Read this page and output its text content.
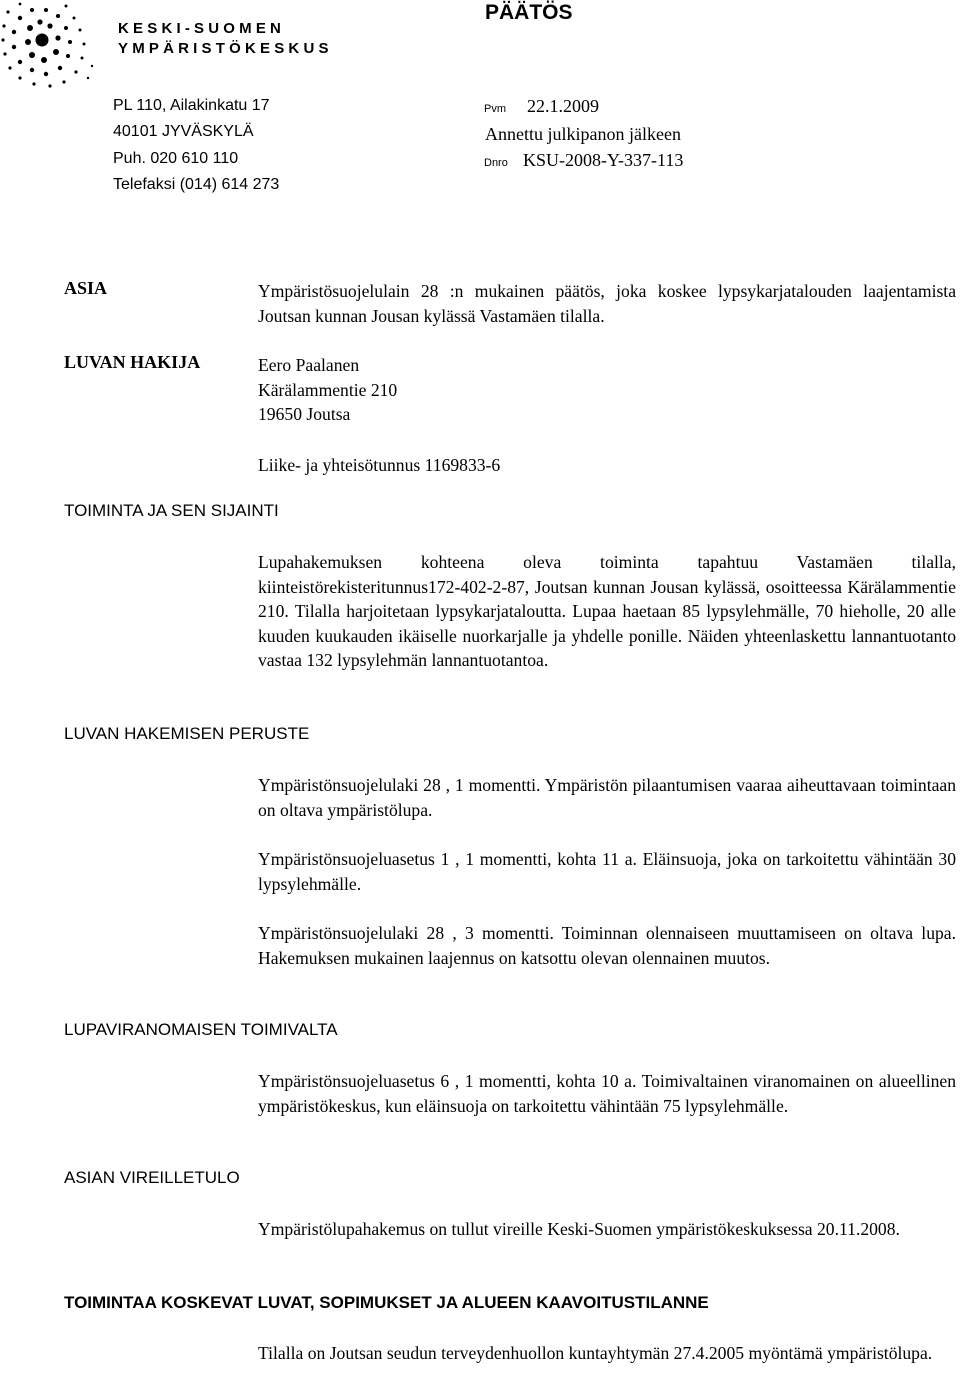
KESKI-SUOMEN
YMPÄRISTÖKESKUS
PÄÄTÖS
PL 110, Ailakinkatu 17
40101 JYVÄSKYLÄ
Puh. 020 610 110
Telefaksi (014) 614 273
Pvm 22.1.2009
Annettu julkipanon jälkeen
Dnro KSU-2008-Y-337-113
ASIA	Ympäristösuojelulain 28 :n mukainen päätös, joka koskee lypsykarjatalouden laajentamista Joutsan kunnan Jousan kylässä Vastamäen tilalla.
LUVAN HAKIJA	Eero Paalanen
Kärälammentie 210
19650 Joutsa
Liike- ja yhteisötunnus 1169833-6
TOIMINTA JA SEN SIJAINTI
Lupahakemuksen kohteena oleva toiminta tapahtuu Vastamäen tilalla, kiinteistörekisteritunnus172-402-2-87, Joutsan kunnan Jousan kylässä, osoitteessa Kärälammentie 210. Tilalla harjoitetaan lypsykarjataloutta. Lupaa haetaan 85 lypsylehmälle, 70 hieholle, 20 alle kuuden kuukauden ikäiselle nuorkarjalle ja yhdelle ponille. Näiden yhteenlaskettu lannantuotanto vastaa 132 lypsylehmän lannantuotantoa.
LUVAN HAKEMISEN PERUSTE
Ympäristönsuojelulaki 28 , 1 momentti. Ympäristön pilaantumisen vaaraa aiheuttavaan toimintaan on oltava ympäristölupa.
Ympäristönsuojeluasetus 1 , 1 momentti, kohta 11 a. Eläinsuoja, joka on tarkoitettu vähintään 30 lypsylehmälle.
Ympäristönsuojelulaki 28 , 3 momentti. Toiminnan olennaiseen muuttamiseen on oltava lupa. Hakemuksen mukainen laajennus on katsottu olevan olennainen muutos.
LUPAVIRANOMAISEN TOIMIVALTA
Ympäristönsuojeluasetus 6 , 1 momentti, kohta 10 a. Toimivaltainen viranomainen on alueellinen ympäristökeskus, kun eläinsuoja on tarkoitettu vähintään 75 lypsylehmälle.
ASIAN VIREILLETULO
Ympäristölupahakemus on tullut vireille Keski-Suomen ympäristökeskuksessa 20.11.2008.
TOIMINTAA KOSKEVAT LUVAT, SOPIMUKSET JA ALUEEN KAAVOITUSTILANNE
Tilalla on Joutsan seudun terveydenhuollon kuntayhtymän 27.4.2005 myöntämä ympäristölupa.
